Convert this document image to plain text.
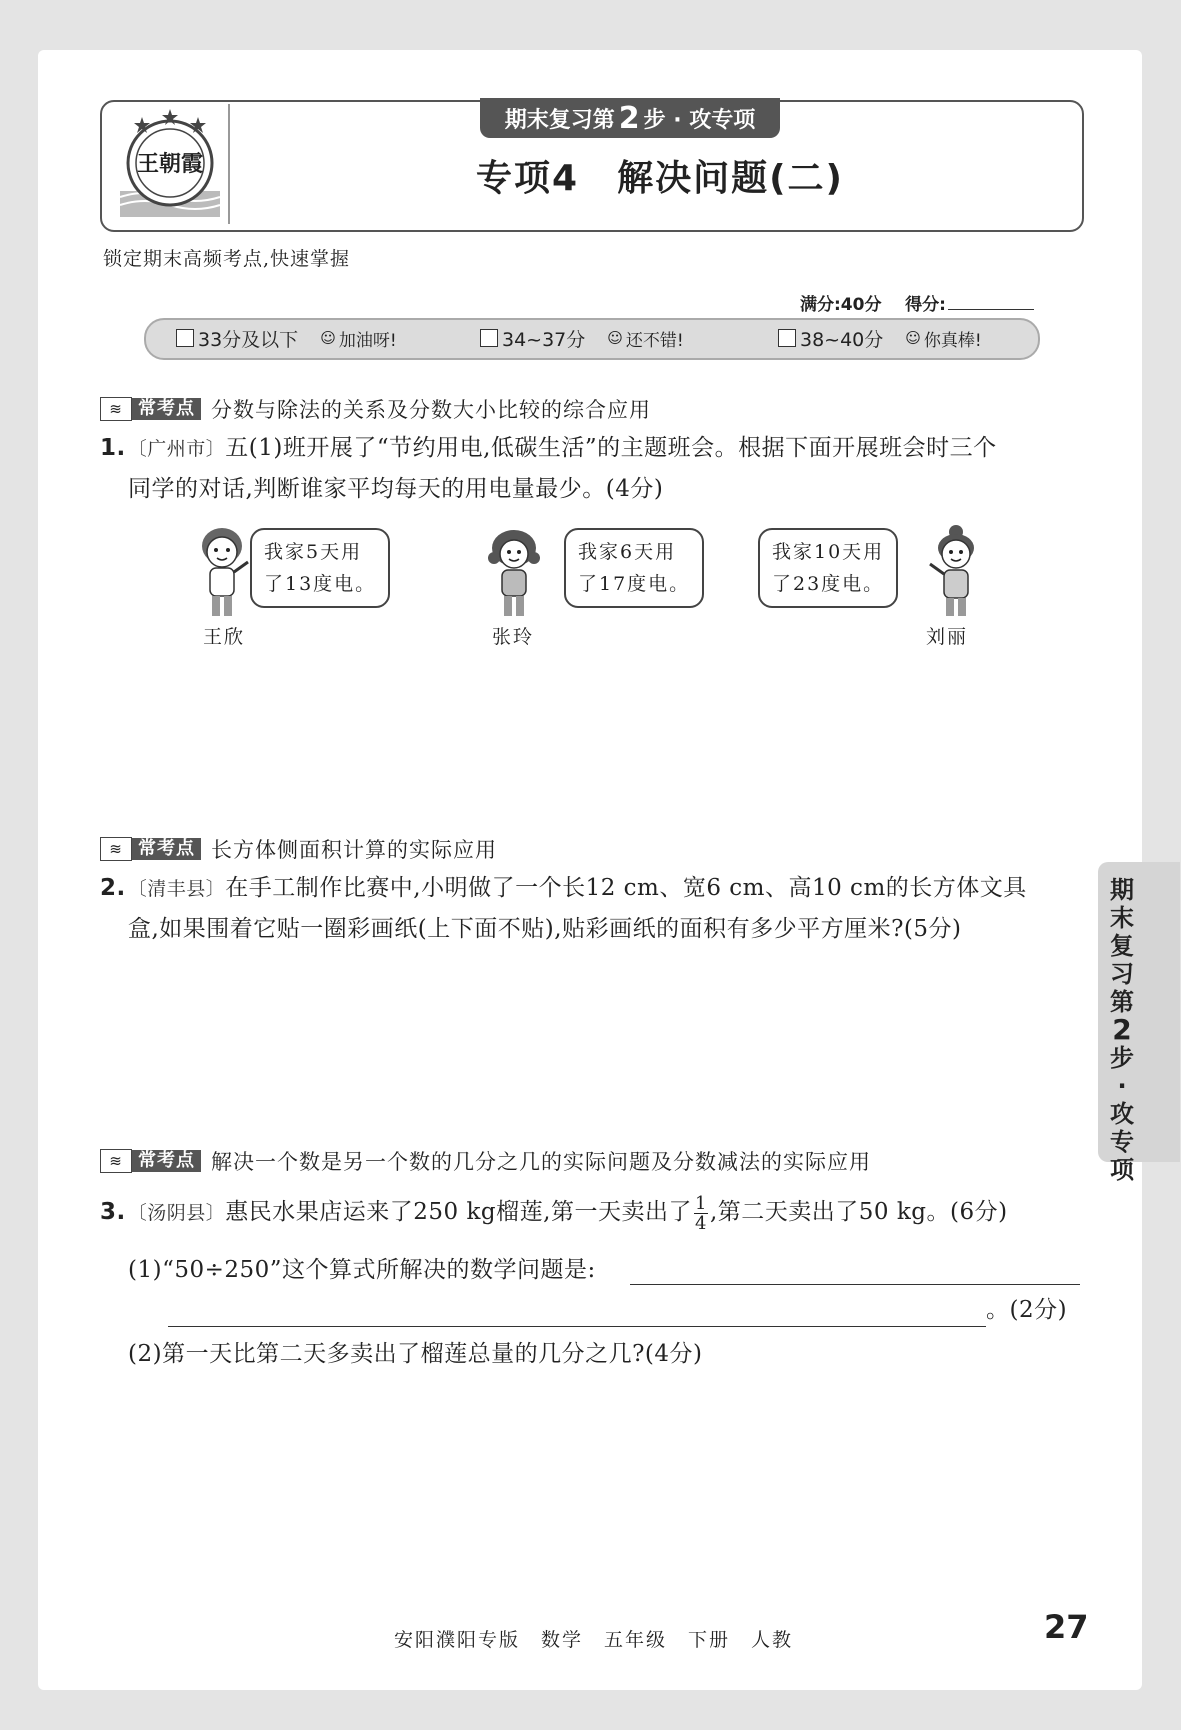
王朝霞
期末复习第 2 步 · 攻专项
专项4　解决问题(二)
锁定期末高频考点,快速掌握
满分:40分 得分:
33分及以下 ☺ 加油呀!	34~37分 ☺ 还不错!	38~40分 ☺ 你真棒!
≋ 常考点 分数与除法的关系及分数大小比较的综合应用
1. 〔广州市〕五(1)班开展了“节约用电,低碳生活”的主题班会。根据下面开展班会时三个
同学的对话,判断谁家平均每天的用电量最少。(4分)
我家5天用
了13度电。
王欣
我家6天用
了17度电。
张玲
我家10天用
了23度电。
刘丽
≋ 常考点 长方体侧面积计算的实际应用
2. 〔清丰县〕在手工制作比赛中,小明做了一个长12 cm、宽6 cm、高10 cm的长方体文具
盒,如果围着它贴一圈彩画纸(上下面不贴),贴彩画纸的面积有多少平方厘米?(5分)
期
末
复
习
第
2
步
·
攻
专
项
≋ 常考点 解决一个数是另一个数的几分之几的实际问题及分数减法的实际应用
3. 〔汤阴县〕惠民水果店运来了250 kg榴莲,第一天卖出了 $\frac{1}{4}$ ,第二天卖出了50 kg。(6分)
(1)“50÷250”这个算式所解决的数学问题是:
。(2分)
(2)第一天比第二天多卖出了榴莲总量的几分之几?(4分)
安阳濮阳专版　数学　五年级　下册　人教	27
